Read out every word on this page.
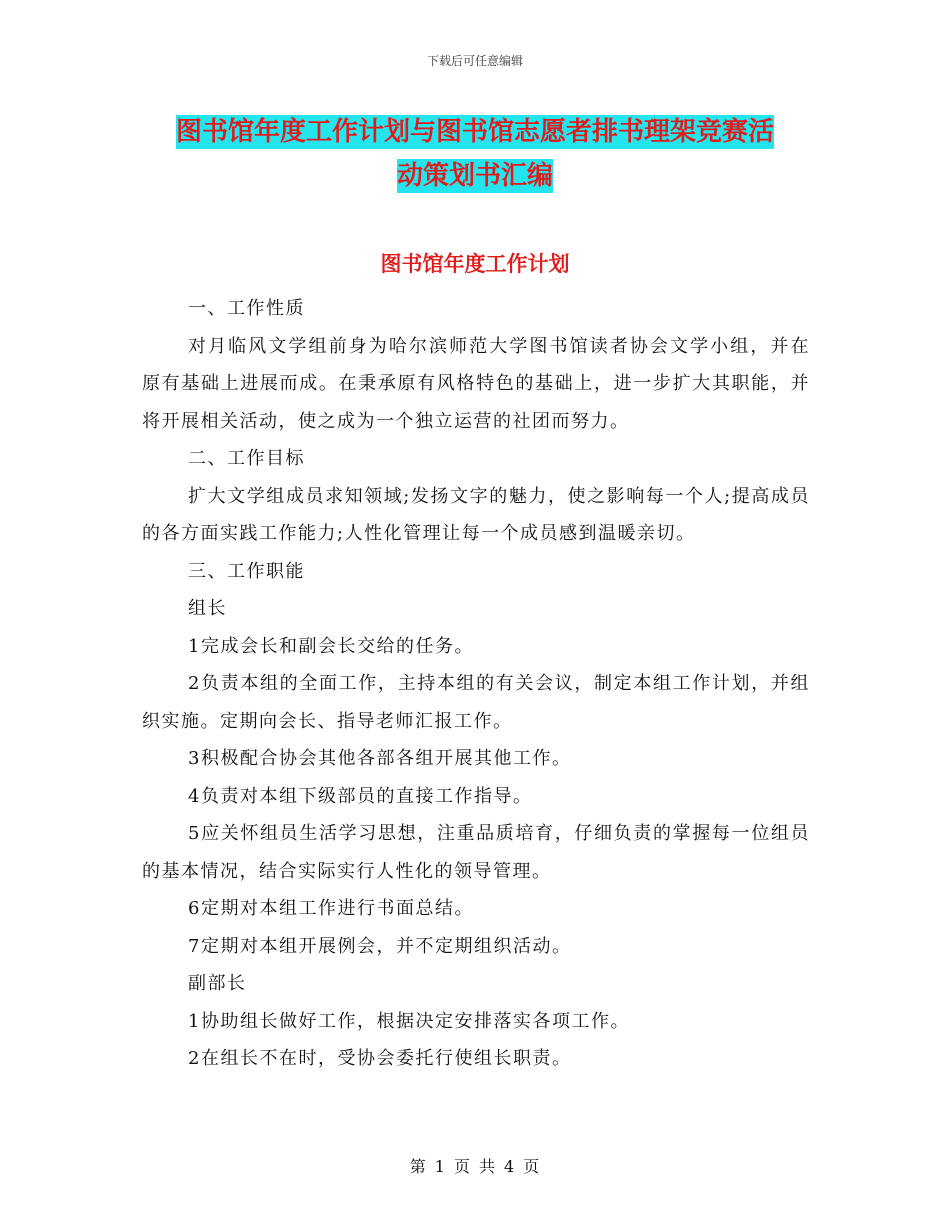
下载后可任意编辑
图书馆年度工作计划与图书馆志愿者排书理架竞赛活
动策划书汇编
图书馆年度工作计划

一、工作性质

对月临风文学组前身为哈尔滨师范大学图书馆读者协会文学小组，并在原有基础上进展而成。在秉承原有风格特色的基础上，进一步扩大其职能，并将开展相关活动，使之成为一个独立运营的社团而努力。

二、工作目标

扩大文学组成员求知领域;发扬文字的魅力，使之影响每一个人;提高成员的各方面实践工作能力;人性化管理让每一个成员感到温暖亲切。

三、工作职能

组长

1完成会长和副会长交给的任务。

2负责本组的全面工作，主持本组的有关会议，制定本组工作计划，并组织实施。定期向会长、指导老师汇报工作。

3积极配合协会其他各部各组开展其他工作。

4负责对本组下级部员的直接工作指导。

5应关怀组员生活学习思想，注重品质培育，仔细负责的掌握每一位组员的基本情况，结合实际实行人性化的领导管理。

6定期对本组工作进行书面总结。

7定期对本组开展例会，并不定期组织活动。

副部长

1协助组长做好工作，根据决定安排落实各项工作。

2在组长不在时，受协会委托行使组长职责。

第 1 页 共 4 页
